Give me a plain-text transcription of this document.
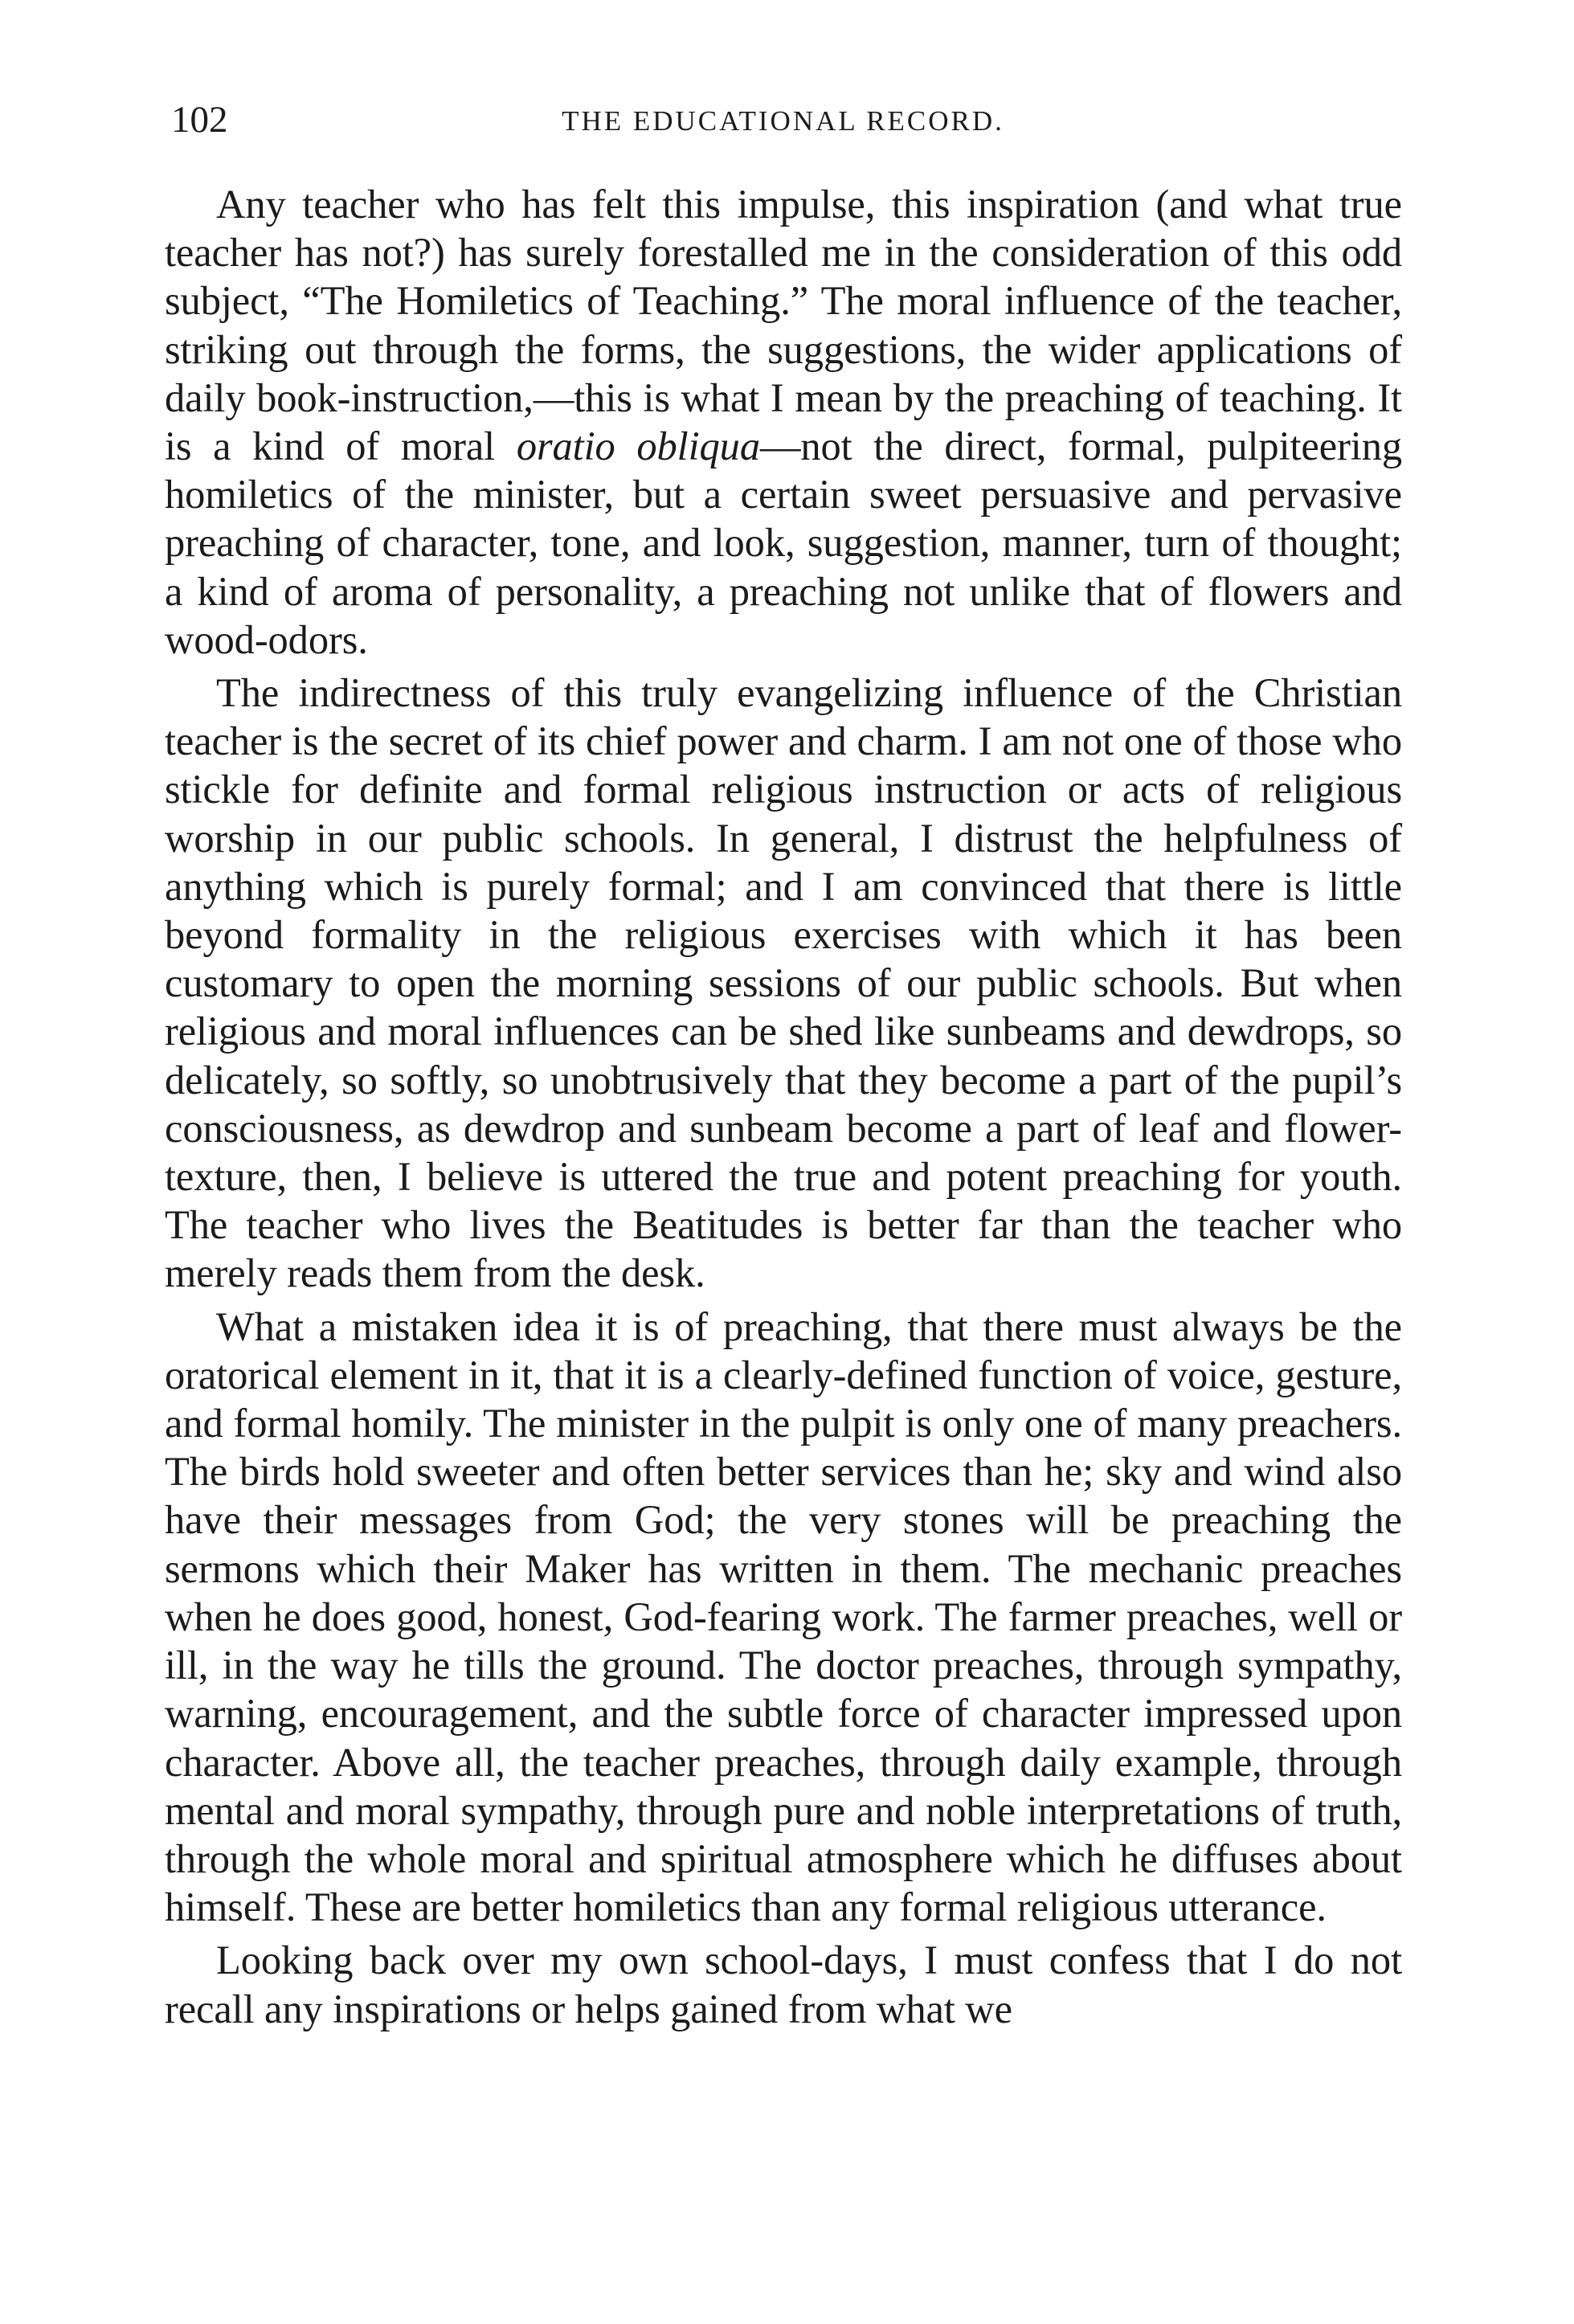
102	THE EDUCATIONAL RECORD.

Any teacher who has felt this impulse, this inspiration (and what true teacher has not?) has surely forestalled me in the consideration of this odd subject, “The Homiletics of Teaching.” The moral influence of the teacher, striking out through the forms, the suggestions, the wider applications of daily book-instruction,—this is what I mean by the preaching of teaching. It is a kind of moral oratio obliqua—not the direct, formal, pulpiteering homiletics of the minister, but a certain sweet persuasive and pervasive preaching of character, tone, and look, suggestion, manner, turn of thought; a kind of aroma of personality, a preaching not unlike that of flowers and wood-odors.

The indirectness of this truly evangelizing influence of the Christian teacher is the secret of its chief power and charm. I am not one of those who stickle for definite and formal religious instruction or acts of religious worship in our public schools. In general, I distrust the helpfulness of anything which is purely formal; and I am convinced that there is little beyond formality in the religious exercises with which it has been customary to open the morning sessions of our public schools. But when religious and moral influences can be shed like sunbeams and dewdrops, so delicately, so softly, so unobtrusively that they become a part of the pupil’s consciousness, as dewdrop and sunbeam become a part of leaf and flower-texture, then, I believe is uttered the true and potent preaching for youth. The teacher who lives the Beatitudes is better far than the teacher who merely reads them from the desk.

What a mistaken idea it is of preaching, that there must always be the oratorical element in it, that it is a clearly-defined function of voice, gesture, and formal homily. The minister in the pulpit is only one of many preachers. The birds hold sweeter and often better services than he; sky and wind also have their messages from God; the very stones will be preaching the sermons which their Maker has written in them. The mechanic preaches when he does good, honest, God-fearing work. The farmer preaches, well or ill, in the way he tills the ground. The doctor preaches, through sympathy, warning, encouragement, and the subtle force of character impressed upon character. Above all, the teacher preaches, through daily example, through mental and moral sympathy, through pure and noble interpretations of truth, through the whole moral and spiritual atmosphere which he diffuses about himself. These are better homiletics than any formal religious utterance.

Looking back over my own school-days, I must confess that I do not recall any inspirations or helps gained from what we
